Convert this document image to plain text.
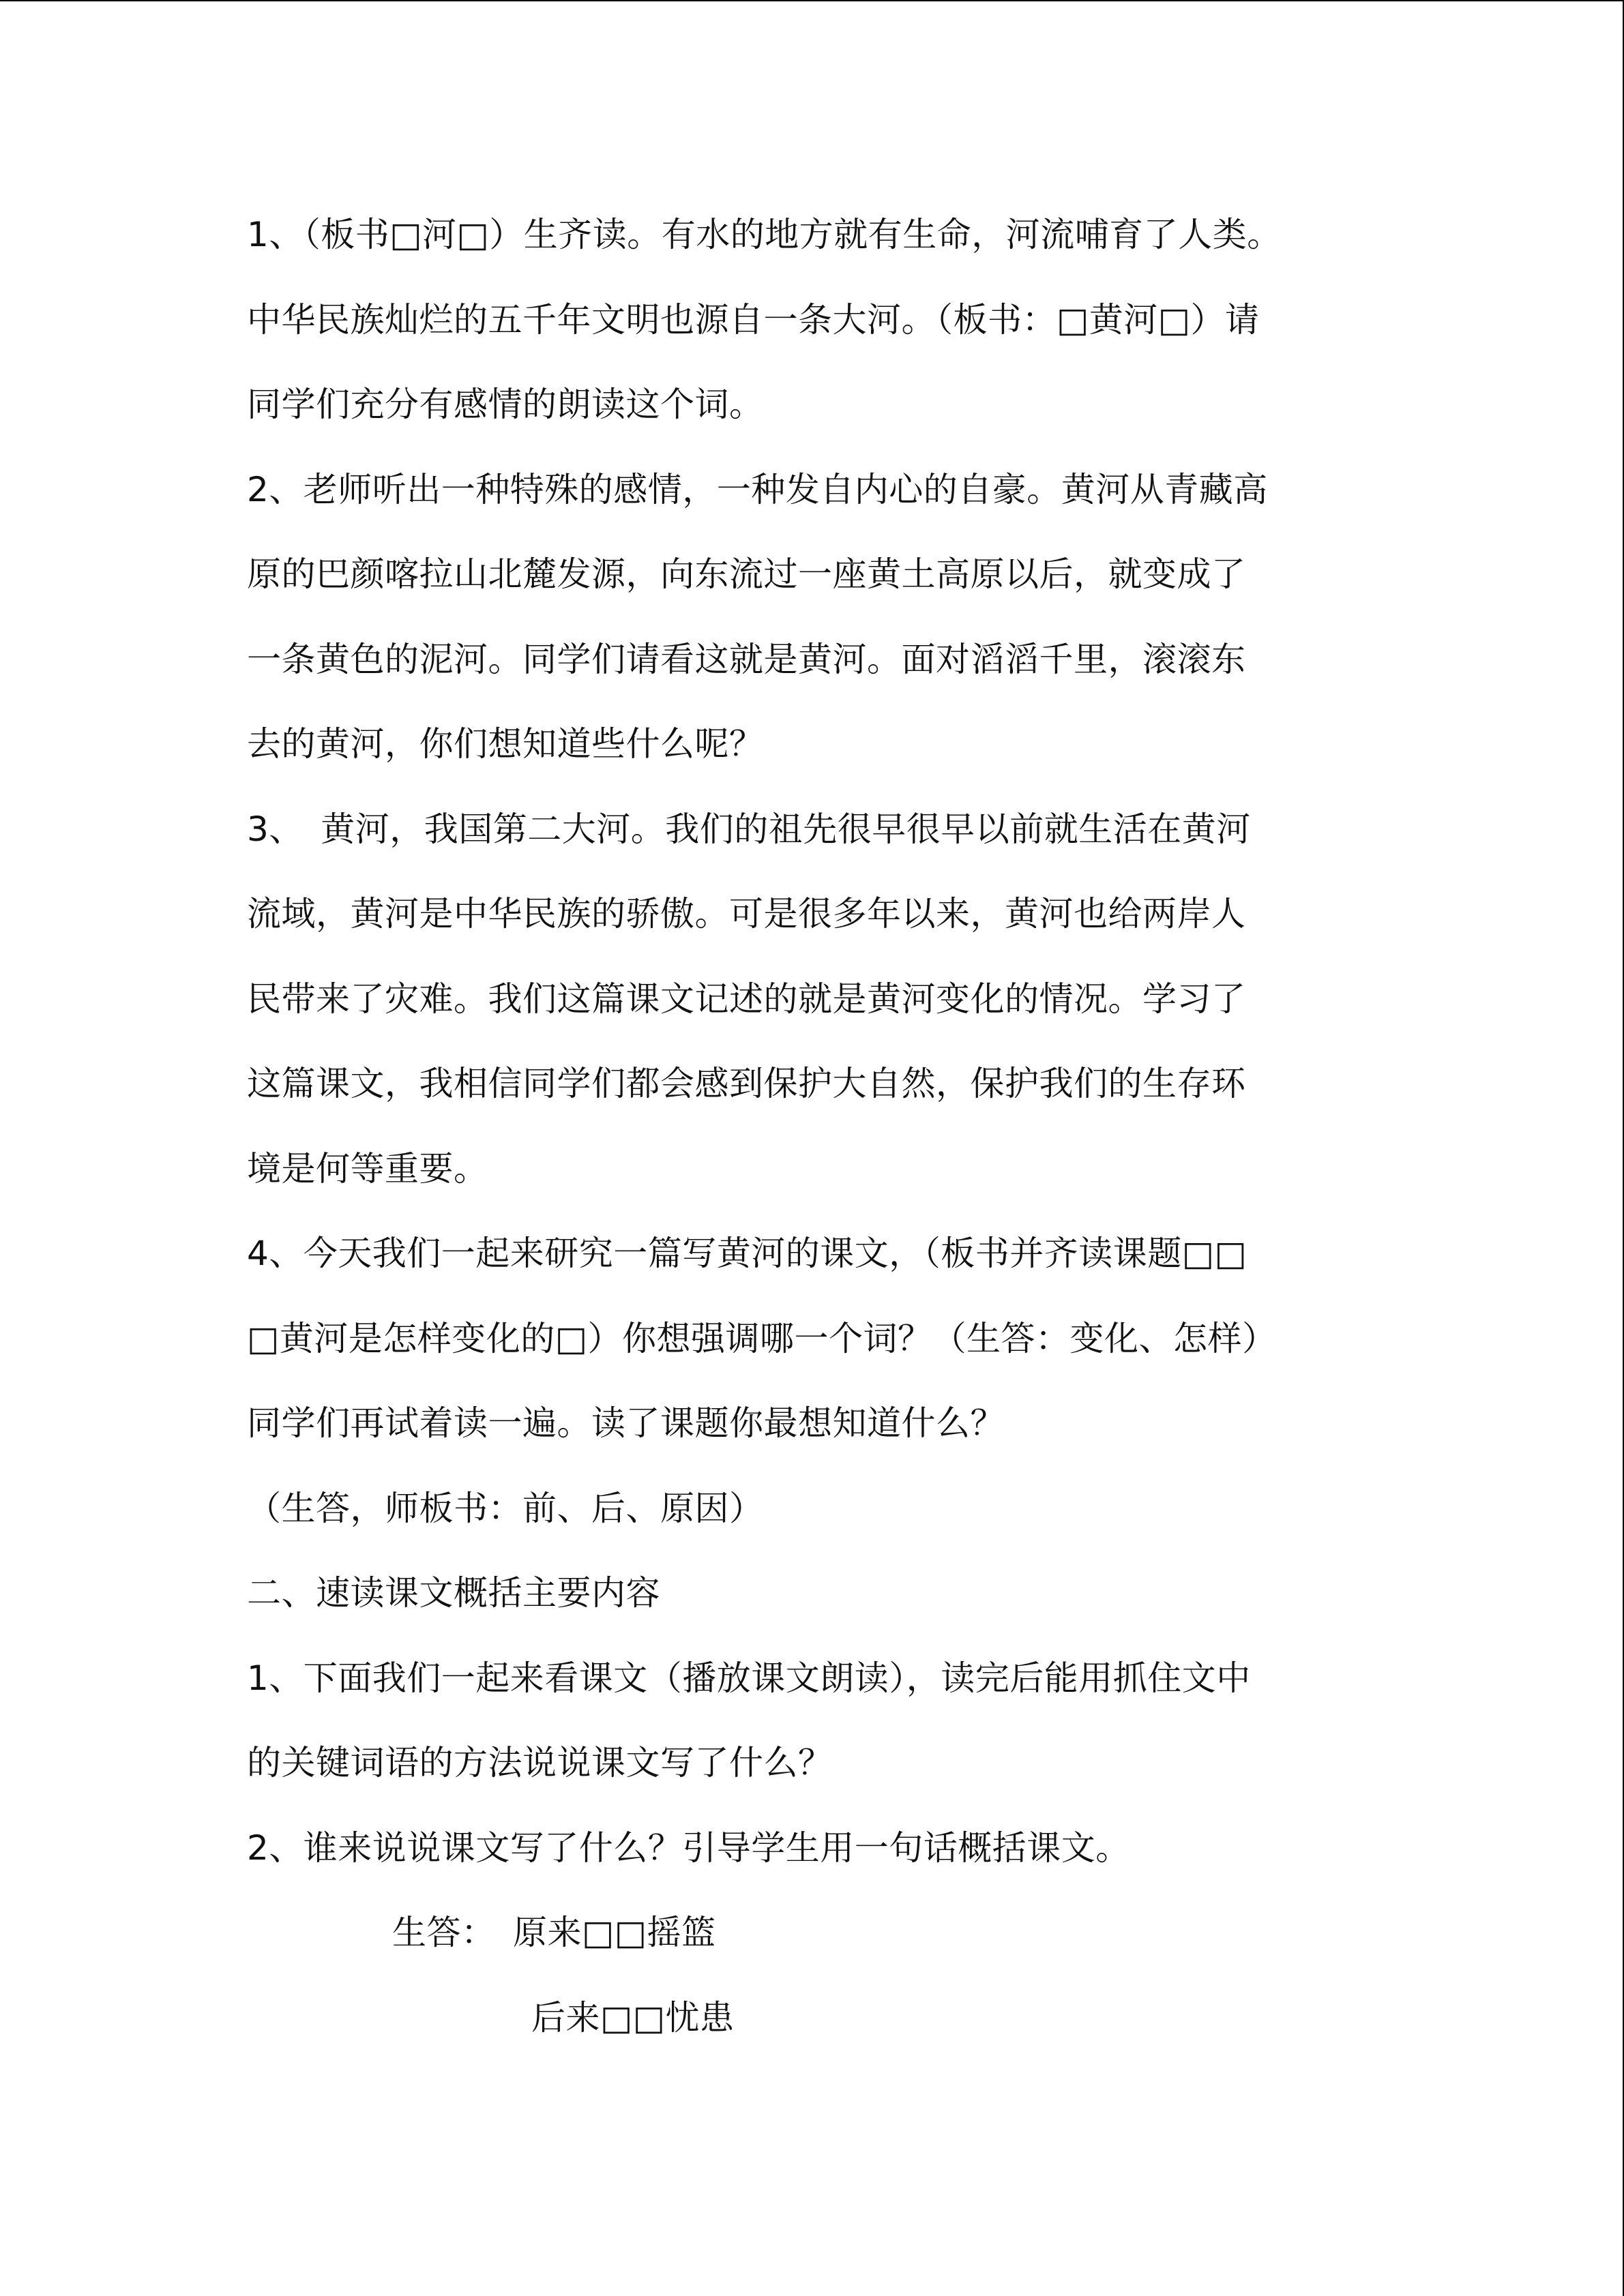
1、（板书□河□）生齐读。有水的地方就有生命，河流哺育了人类。
中华民族灿烂的五千年文明也源自一条大河。（板书：□黄河□）请
同学们充分有感情的朗读这个词。
2、老师听出一种特殊的感情，一种发自内心的自豪。黄河从青藏高
原的巴颜喀拉山北麓发源，向东流过一座黄土高原以后，就变成了
一条黄色的泥河。同学们请看这就是黄河。面对滔滔千里，滚滚东
去的黄河，你们想知道些什么呢？
3、　黄河，我国第二大河。我们的祖先很早很早以前就生活在黄河
流域，黄河是中华民族的骄傲。可是很多年以来，黄河也给两岸人
民带来了灾难。我们这篇课文记述的就是黄河变化的情况。学习了
这篇课文，我相信同学们都会感到保护大自然，保护我们的生存环
境是何等重要。
4、今天我们一起来研究一篇写黄河的课文，（板书并齐读课题□□
□黄河是怎样变化的□）你想强调哪一个词？（生答：变化、怎样）
同学们再试着读一遍。读了课题你最想知道什么？
（生答，师板书：前、后、原因）
二、速读课文概括主要内容
1、下面我们一起来看课文（播放课文朗读），读完后能用抓住文中
的关键词语的方法说说课文写了什么？
2、谁来说说课文写了什么？引导学生用一句话概括课文。
生答：　原来□□摇篮
后来□□忧患
